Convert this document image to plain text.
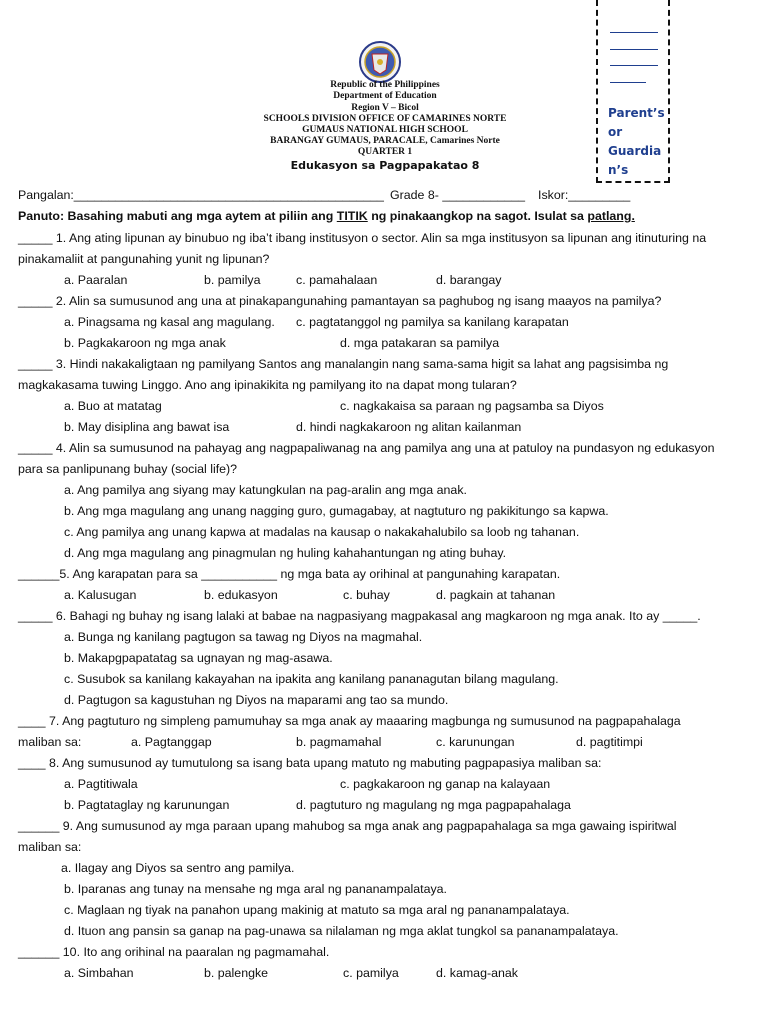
Republic of the Philippines
Department of Education
Region V – Bicol
SCHOOLS DIVISION OFFICE OF CAMARINES NORTE
GUMAUS NATIONAL HIGH SCHOOL
BARANGAY GUMAUS, PARACALE, Camarines Norte
QUARTER 1
Edukasyon sa Pagpapakatao 8
Parent’s or Guardia n’s
Pangalan:_____________________________________________ Grade 8- ____________ Iskor:_________
Panuto: Basahing mabuti ang mga aytem at piliin ang TITIK ng pinakaangkop na sagot. Isulat sa patlang.
_____ 1. Ang ating lipunan ay binubuo ng iba’t ibang institusyon o sector. Alin sa mga institusyon sa lipunan ang itinuturing na
pinakamaliit at pangunahing yunit ng lipunan?
a. Paaralan	b. pamilya	c. pamahalaan	d. barangay
_____ 2. Alin sa sumusunod ang una at pinakapangunahing pamantayan sa paghubog ng isang maayos na pamilya?
a. Pinagsama ng kasal ang magulang. c. pagtatanggol ng pamilya sa kanilang karapatan
b. Pagkakaroon ng mga anak	d. mga patakaran sa pamilya
_____ 3. Hindi nakakaligtaan ng pamilyang Santos ang manalangin nang sama-sama higit sa lahat ang pagsisimba ng
magkakasama tuwing Linggo. Ano ang ipinakikita ng pamilyang ito na dapat mong tularan?
a. Buo at matatag	c. nagkakaisa sa paraan ng pagsamba sa Diyos
b. May disiplina ang bawat isa	d. hindi nagkakaroon ng alitan kailanman
_____ 4. Alin sa sumusunod na pahayag ang nagpapaliwanag na ang pamilya ang una at patuloy na pundasyon ng edukasyon
para sa panlipunang buhay (social life)?
a. Ang pamilya ang siyang may katungkulan na pag-aralin ang mga anak.
b. Ang mga magulang ang unang nagging guro, gumagabay, at nagtuturo ng pakikitungo sa kapwa.
c. Ang pamilya ang unang kapwa at madalas na kausap o nakakahalubilo sa loob ng tahanan.
d. Ang mga magulang ang pinagmulan ng huling kahahantungan ng ating buhay.
______5. Ang karapatan para sa ___________ ng mga bata ay orihinal at pangunahing karapatan.
a. Kalusugan	b. edukasyon	c. buhay	d. pagkain at tahanan
_____ 6. Bahagi ng buhay ng isang lalaki at babae na nagpasiyang magpakasal ang magkaroon ng mga anak. Ito ay _____.
a. Bunga ng kanilang pagtugon sa tawag ng Diyos na magmahal.
b. Makapgpapatatag sa ugnayan ng mag-asawa.
c. Susubok sa kanilang kakayahan na ipakita ang kanilang pananagutan bilang magulang.
d. Pagtugon sa kagustuhan ng Diyos na maparami ang tao sa mundo.
____ 7. Ang pagtuturo ng simpleng pamumuhay sa mga anak ay maaaring magbunga ng sumusunod na pagpapahalaga
maliban sa:	a. Pagtanggap	b. pagmamahal	c. karunungan	d. pagtitimpi
____ 8. Ang sumusunod ay tumutulong sa isang bata upang matuto ng mabuting pagpapasiya maliban sa:
a. Pagtitiwala	c. pagkakaroon ng ganap na kalayaan
b. Pagtataglay ng karunungan	d. pagtuturo ng magulang ng mga pagpapahalaga
______ 9. Ang sumusunod ay mga paraan upang mahubog sa mga anak ang pagpapahalaga sa mga gawaing ispiritwal
maliban sa:
a. Ilagay ang Diyos sa sentro ang pamilya.
b. Iparanas ang tunay na mensahe ng mga aral ng pananampalataya.
c. Maglaan ng tiyak na panahon upang makinig at matuto sa mga aral ng pananampalataya.
d. Ituon ang pansin sa ganap na pag-unawa sa nilalaman ng mga aklat tungkol sa pananampalataya.
______ 10. Ito ang orihinal na paaralan ng pagmamahal.
a. Simbahan	b. palengke	c. pamilya	d. kamag-anak
